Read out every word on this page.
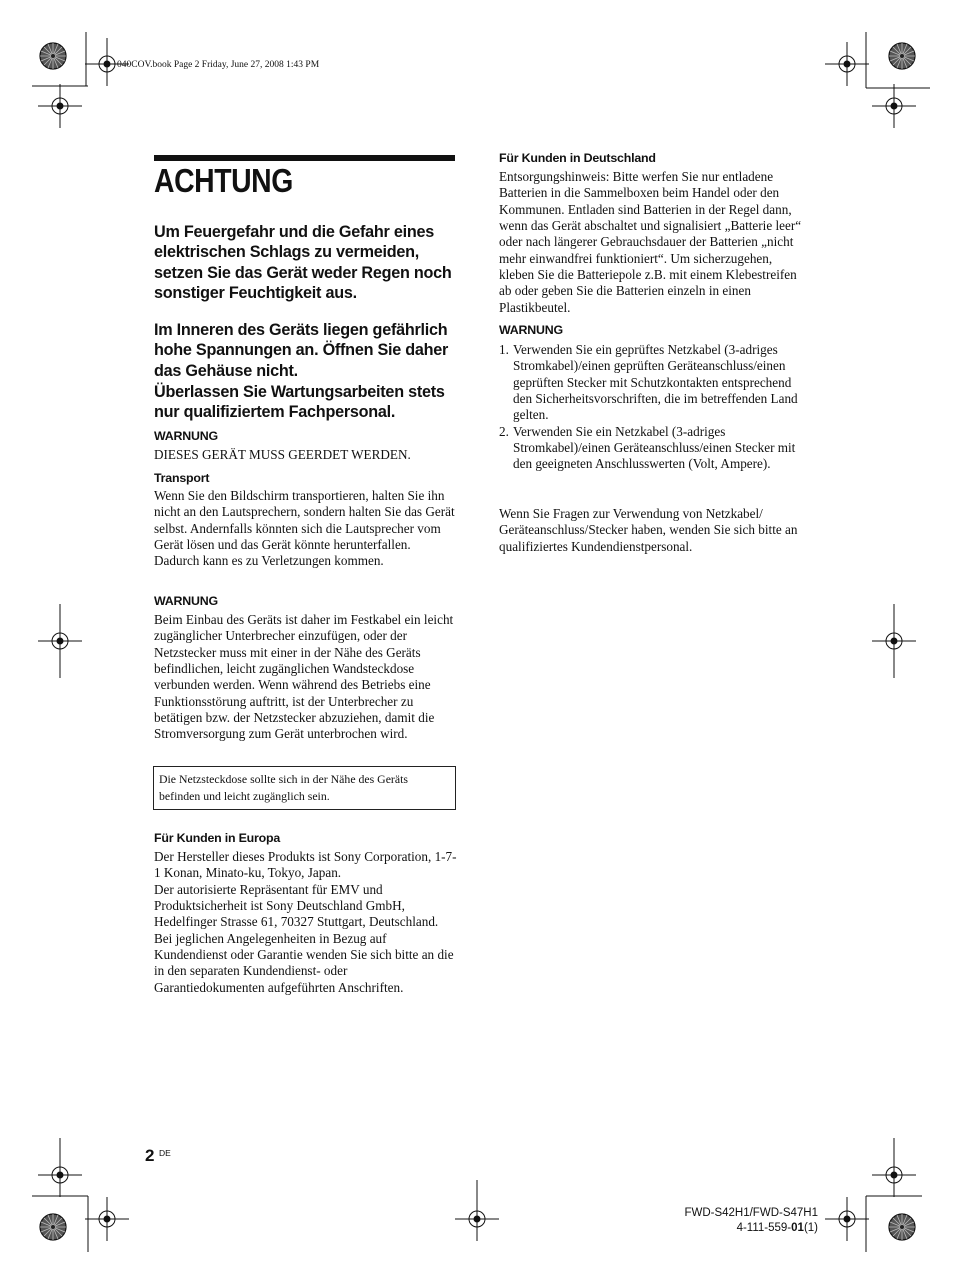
040COV.book Page 2 Friday, June 27, 2008 1:43 PM
ACHTUNG
Um Feuergefahr und die Gefahr eines elektrischen Schlags zu vermeiden, setzen Sie das Gerät weder Regen noch sonstiger Feuchtigkeit aus.
Im Inneren des Geräts liegen gefährlich hohe Spannungen an. Öffnen Sie daher das Gehäuse nicht.
Überlassen Sie Wartungsarbeiten stets nur qualifiziertem Fachpersonal.
WARNUNG
DIESES GERÄT MUSS GEERDET WERDEN.
Transport
Wenn Sie den Bildschirm transportieren, halten Sie ihn nicht an den Lautsprechern, sondern halten Sie das Gerät selbst. Andernfalls könnten sich die Lautsprecher vom Gerät lösen und das Gerät könnte herunterfallen. Dadurch kann es zu Verletzungen kommen.
WARNUNG
Beim Einbau des Geräts ist daher im Festkabel ein leicht zugänglicher Unterbrecher einzufügen, oder der Netzstecker muss mit einer in der Nähe des Geräts befindlichen, leicht zugänglichen Wandsteckdose verbunden werden. Wenn während des Betriebs eine Funktionsstörung auftritt, ist der Unterbrecher zu betätigen bzw. der Netzstecker abzuziehen, damit die Stromversorgung zum Gerät unterbrochen wird.
Die Netzsteckdose sollte sich in der Nähe des Geräts befinden und leicht zugänglich sein.
Für Kunden in Europa
Der Hersteller dieses Produkts ist Sony Corporation, 1-7-1 Konan, Minato-ku, Tokyo, Japan.
Der autorisierte Repräsentant für EMV und Produktsicherheit ist Sony Deutschland GmbH, Hedelfinger Strasse 61, 70327 Stuttgart, Deutschland. Bei jeglichen Angelegenheiten in Bezug auf Kundendienst oder Garantie wenden Sie sich bitte an die in den separaten Kundendienst- oder Garantiedokumenten aufgeführten Anschriften.
Für Kunden in Deutschland
Entsorgungshinweis: Bitte werfen Sie nur entladene Batterien in die Sammelboxen beim Handel oder den Kommunen. Entladen sind Batterien in der Regel dann, wenn das Gerät abschaltet und signalisiert „Batterie leer“ oder nach längerer Gebrauchsdauer der Batterien „nicht mehr einwandfrei funktioniert“. Um sicherzugehen, kleben Sie die Batteriepole z.B. mit einem Klebestreifen ab oder geben Sie die Batterien einzeln in einen Plastikbeutel.
WARNUNG
1. Verwenden Sie ein geprüftes Netzkabel (3-adriges Stromkabel)/einen geprüften Geräteanschluss/einen geprüften Stecker mit Schutzkontakten entsprechend den Sicherheitsvorschriften, die im betreffenden Land gelten.
2. Verwenden Sie ein Netzkabel (3-adriges Stromkabel)/einen Geräteanschluss/einen Stecker mit den geeigneten Anschlusswerten (Volt, Ampere).
Wenn Sie Fragen zur Verwendung von Netzkabel/ Geräteanschluss/Stecker haben, wenden Sie sich bitte an qualifiziertes Kundendienstpersonal.
2 DE
FWD-S42H1/FWD-S47H1
4-111-559-01(1)
